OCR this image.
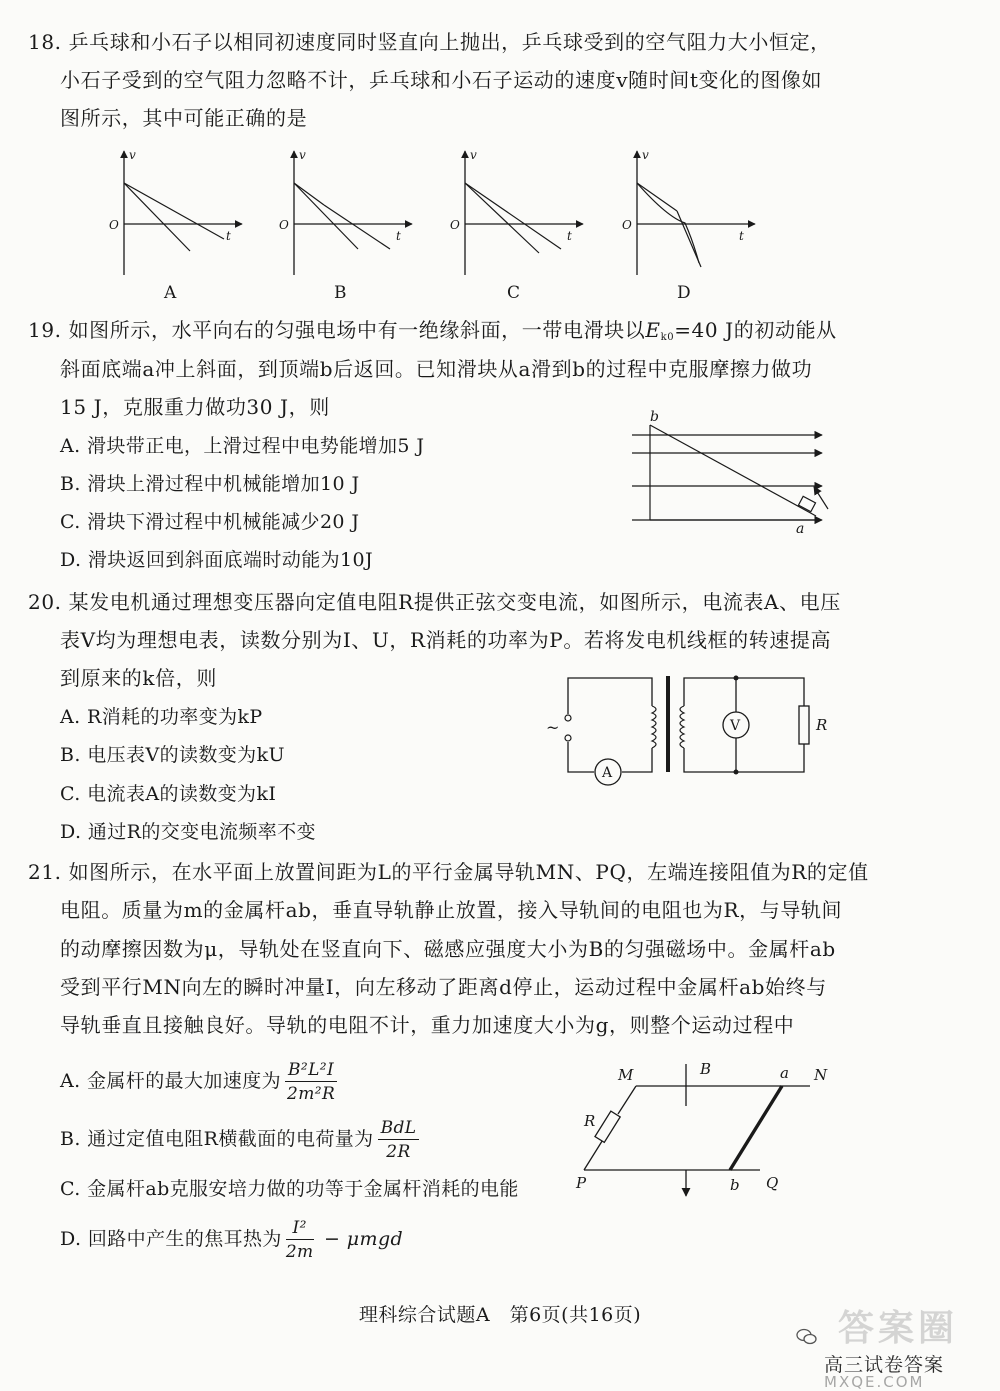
18. 乒乓球和小石子以相同初速度同时竖直向上抛出，乒乓球受到的空气阻力大小恒定，
小石子受到的空气阻力忽略不计，乒乓球和小石子运动的速度v随时间t变化的图像如
图所示，其中可能正确的是
v
O
t
A
v
O
t
B
v
O
t
C
v
O
t
D
19. 如图所示，水平向右的匀强电场中有一绝缘斜面，一带电滑块以$E_{k0}=40$ J的初动能从
斜面底端a冲上斜面，到顶端b后返回。已知滑块从a滑到b的过程中克服摩擦力做功
15 J，克服重力做功30 J，则
A. 滑块带正电，上滑过程中电势能增加5 J
B. 滑块上滑过程中机械能增加10 J
C. 滑块下滑过程中机械能减少20 J
D. 滑块返回到斜面底端时动能为10J
b
a
20. 某发电机通过理想变压器向定值电阻R提供正弦交变电流，如图所示，电流表A、电压
表V均为理想电表，读数分别为I、U，R消耗的功率为P。若将发电机线框的转速提高
到原来的k倍，则
A. R消耗的功率变为kP
B. 电压表V的读数变为kU
C. 电流表A的读数变为kI
D. 通过R的交变电流频率不变
~	V
A
R
21. 如图所示，在水平面上放置间距为L的平行金属导轨MN、PQ，左端连接阻值为R的定值
电阻。质量为m的金属杆ab，垂直导轨静止放置，接入导轨间的电阻也为R，与导轨间
的动摩擦因数为μ，导轨处在竖直向下、磁感应强度大小为B的匀强磁场中。金属杆ab
受到平行MN向左的瞬时冲量I，向左移动了距离d停止，运动过程中金属杆ab始终与
导轨垂直且接触良好。导轨的电阻不计，重力加速度大小为g，则整个运动过程中
A. 金属杆的最大加速度为 $\frac{\text{B²L²I}}{\text{2m²R}}$
B. 通过定值电阻R横截面的电荷量为 $\frac{\text{BdL}}{2R}$
C. 金属杆ab克服安培力做的功等于金属杆消耗的电能
D. 回路中产生的焦耳热为 $\frac{\text{I²}}{2m} - \mu mgd$
M	B	a N
R
P	b Q
理科综合试题A　第6页(共16页)	答案圈
高三试卷答案
MXQE.COM
